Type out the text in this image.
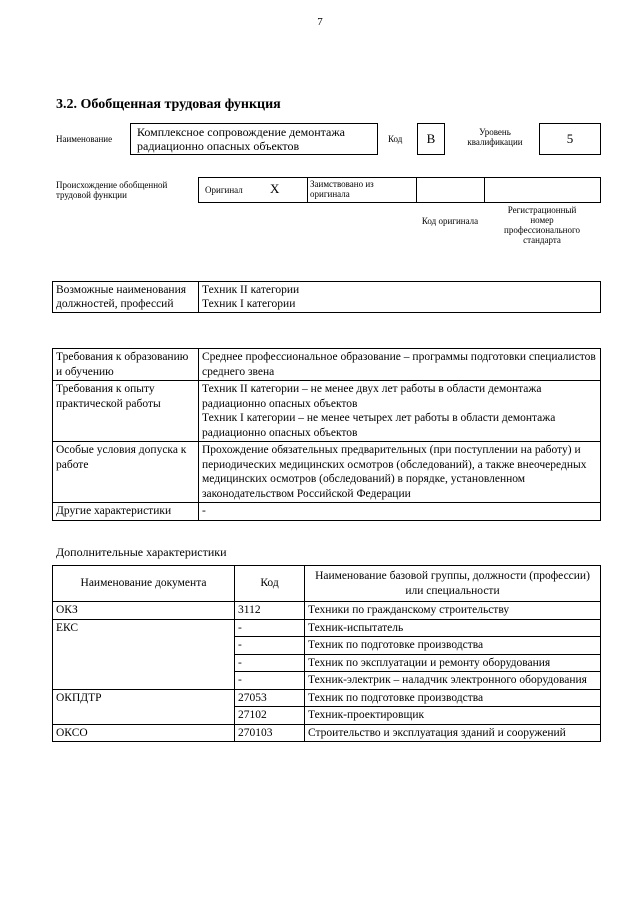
7
3.2. Обобщенная трудовая функция
Наименование	Комплексное сопровождение демонтажа радиационно опасных объектов	Код	B	Уровень квалификации	5
Происхождение обобщенной трудовой функции	Оригинал X	Заимствовано из оригинала
Код оригинала
Регистрационный номер профессионального стандарта
Возможные наименования должностей, профессий	Техник II категории
Техник I категории
Требования к образованию и обучению	Среднее профессиональное образование – программы подготовки специалистов среднего звена
Требования к опыту практической работы	Техник II категории – не менее двух лет работы в области демонтажа радиационно опасных объектов
Техник I категории – не менее четырех лет работы в области демонтажа радиационно опасных объектов
Особые условия допуска к работе	Прохождение обязательных предварительных (при поступлении на работу) и периодических медицинских осмотров (обследований), а также внеочередных медицинских осмотров (обследований) в порядке, установленном законодательством Российской Федерации
Другие характеристики	-
Дополнительные характеристики
Наименование документа	Код	Наименование базовой группы, должности (профессии) или специальности
ОКЗ	3112	Техники по гражданскому строительству
ЕКС	-	Техник-испытатель
	-	Техник по подготовке производства
	-	Техник по эксплуатации и ремонту оборудования
	-	Техник-электрик – наладчик электронного оборудования
ОКПДТР	27053	Техник по подготовке производства
	27102	Техник-проектировщик
ОКСО	270103	Строительство и эксплуатация зданий и сооружений
